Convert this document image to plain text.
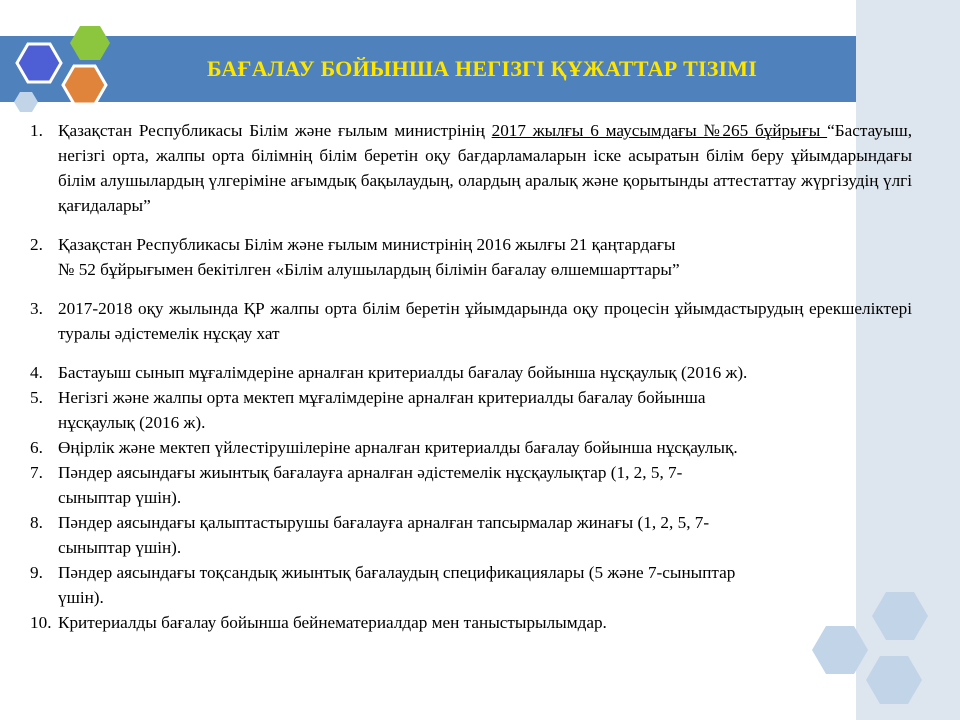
БАҒАЛАУ БОЙЫНША НЕГІЗГІ ҚҰЖАТТАР ТІЗІМІ
1. Қазақстан Республикасы Білім және ғылым министрінің 2017 жылғы 6 маусымдағы №265 бұйрығы “Бастауыш, негізгі орта, жалпы орта білімнің білім беретін оқу бағдарламаларын іске асыратын білім беру ұйымдарындағы білім алушылардың үлгеріміне ағымдық бақылаудың, олардың аралық және қорытынды аттестаттау жүргізудің үлгі қағидалары”
2. Қазақстан Республикасы Білім және ғылым министрінің 2016 жылғы 21 қаңтардағы
№ 52 бұйрығымен бекітілген «Білім алушылардың білімін бағалау өлшемшарттары”
3. 2017-2018 оқу жылында ҚР жалпы орта білім беретін ұйымдарында оқу процесін ұйымдастырудың ерекшеліктері туралы әдістемелік нұсқау хат
4. Бастауыш сынып мұғалімдеріне арналған критериалды бағалау бойынша нұсқаулық (2016 ж).
5. Негізгі және жалпы орта мектеп мұғалімдеріне арналған критериалды бағалау бойынша
нұсқаулық (2016 ж).
6. Өңірлік және мектеп үйлестірушілеріне арналған критериалды бағалау бойынша нұсқаулық.
7. Пәндер аясындағы жиынтық бағалауға арналған әдістемелік нұсқаулықтар (1, 2, 5, 7-
сыныптар үшін).
8. Пәндер аясындағы қалыптастырушы бағалауға арналған тапсырмалар жинағы (1, 2, 5, 7-
сыныптар үшін).
9. Пәндер аясындағы тоқсандық жиынтық бағалаудың спецификациялары (5 және 7-сыныптар
үшін).
10. Критериалды бағалау бойынша бейнематериалдар мен таныстырылымдар.
